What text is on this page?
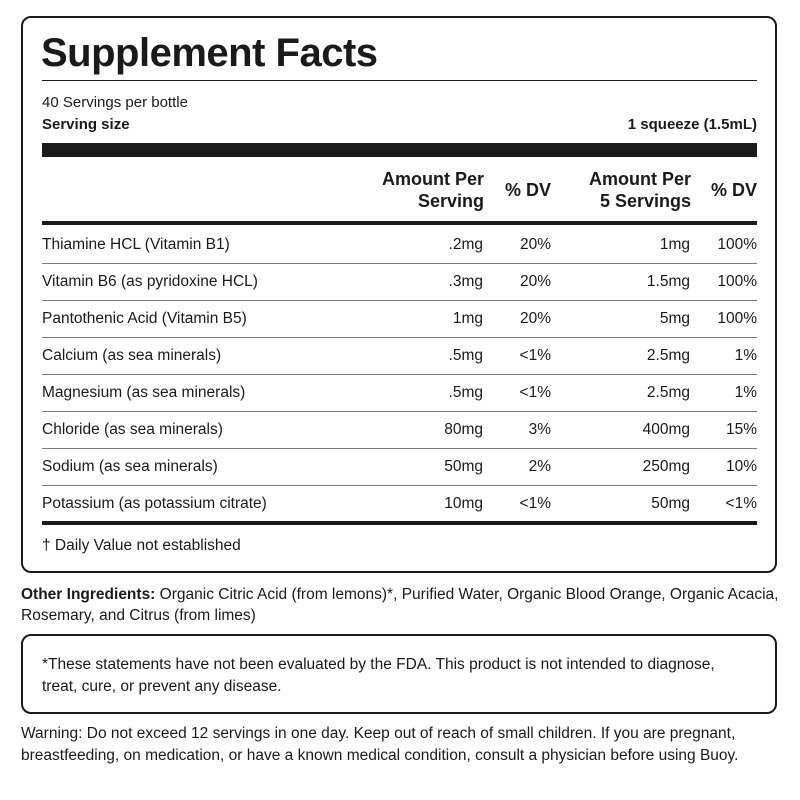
Supplement Facts
40 Servings per bottle
Serving size	1 squeeze (1.5mL)
Amount Per
Serving
% DV
Amount Per
5 Servings
% DV
Thiamine HCL (Vitamin B1)	.2mg 20%	1mg 100%
Vitamin B6 (as pyridoxine HCL)	.3mg 20%	1.5mg 100%
Pantothenic Acid (Vitamin B5)	1mg 20%	5mg 100%
Calcium (as sea minerals)	.5mg <1%	2.5mg	1%
Magnesium (as sea minerals)	.5mg <1%	2.5mg	1%
Chloride (as sea minerals)	80mg	3%	400mg 15%
Sodium (as sea minerals)	50mg	2%	250mg 10%
Potassium (as potassium citrate)	10mg <1%	50mg <1%
† Daily Value not established

Other Ingredients: Organic Citric Acid (from lemons)*, Purified Water, Organic Blood Orange, Organic Acacia, Rosemary, and Citrus (from limes)

*These statements have not been evaluated by the FDA. This product is not intended to diagnose, treat, cure, or prevent any disease.

Warning: Do not exceed 12 servings in one day. Keep out of reach of small children. If you are pregnant, breastfeeding, on medication, or have a known medical condition, consult a physician before using Buoy.
